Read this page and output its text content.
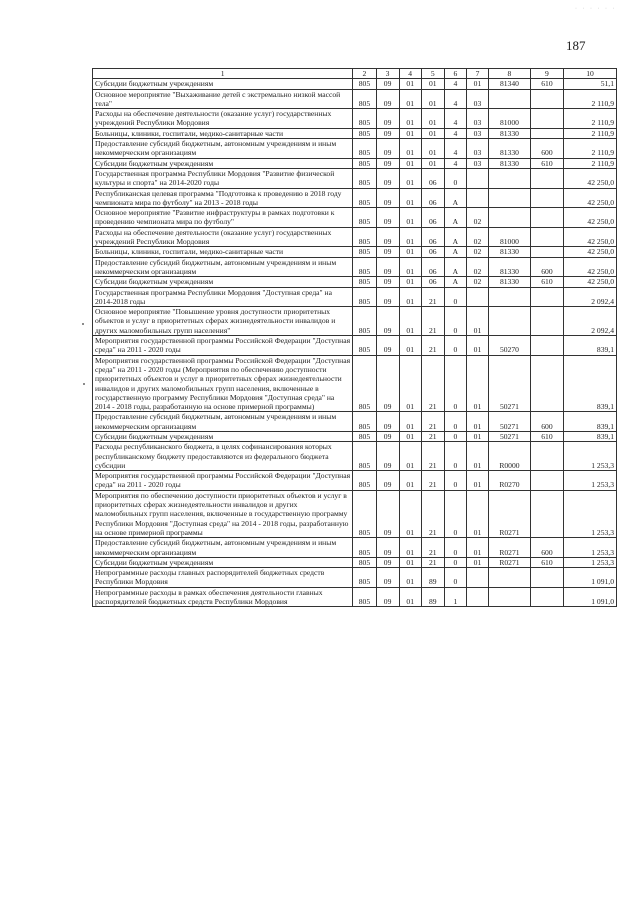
· · · · · ·
187
1	2	3	4	5	6	7	8	9	10
Субсидии бюджетным учреждениям	805	09	01	01	4	01	81340	610	51,1
Основное мероприятие "Выхаживание детей с экстремально низкой массой тела"	805	09	01	01	4	03			2 110,9
Расходы на обеспечение деятельности (оказание услуг) государственных учреждений Республики Мордовия	805	09	01	01	4	03	81000		2 110,9
Больницы, клиники, госпитали, медико-санитарные части	805	09	01	01	4	03	81330		2 110,9
Предоставление субсидий бюджетным, автономным учреждениям и иным некоммерческим организациям	805	09	01	01	4	03	81330	600	2 110,9
Субсидии бюджетным учреждениям	805	09	01	01	4	03	81330	610	2 110,9
Государственная программа Республики Мордовия "Развитие физической культуры и спорта" на 2014-2020 годы	805	09	01	06	0				42 250,0
Республиканская целевая программа "Подготовка к проведению в 2018 году чемпионата мира по футболу" на 2013 - 2018 годы	805	09	01	06	А				42 250,0
Основное мероприятие "Развитие инфраструктуры в рамках подготовки к проведению чемпионата мира по футболу"	805	09	01	06	А	02			42 250,0
Расходы на обеспечение деятельности (оказание услуг) государственных учреждений Республики Мордовия	805	09	01	06	А	02	81000		42 250,0
Больницы, клиники, госпитали, медико-санитарные части	805	09	01	06	А	02	81330		42 250,0
Предоставление субсидий бюджетным, автономным учреждениям и иным некоммерческим организациям	805	09	01	06	А	02	81330	600	42 250,0
Субсидии бюджетным учреждениям	805	09	01	06	А	02	81330	610	42 250,0
Государственная программа Республики Мордовия "Доступная среда" на 2014-2018 годы	805	09	01	21	0				2 092,4
Основное мероприятие "Повышение уровня доступности приоритетных объектов и услуг в приоритетных сферах жизнедеятельности инвалидов и других маломобильных групп населения"	805	09	01	21	0	01			2 092,4
Мероприятия государственной программы Российской Федерации "Доступная среда" на 2011 - 2020 годы	805	09	01	21	0	01	50270		839,1
Мероприятия государственной программы Российской Федерации "Доступная среда" на 2011 - 2020 годы (Мероприятия по обеспечению доступности приоритетных объектов и услуг в приоритетных сферах жизнедеятельности инвалидов и других маломобильных групп населения, включенные в государственную программу Республики Мордовия "Доступная среда" на 2014 - 2018 годы, разработанную на основе примерной программы)	805	09	01	21	0	01	50271		839,1
Предоставление субсидий бюджетным, автономным учреждениям и иным некоммерческим организациям	805	09	01	21	0	01	50271	600	839,1
Субсидии бюджетным учреждениям	805	09	01	21	0	01	50271	610	839,1
Расходы республиканского бюджета, в целях софинансирования которых республиканскому бюджету предоставляются из федерального бюджета субсидии	805	09	01	21	0	01	R0000		1 253,3
Мероприятия государственной программы Российской Федерации "Доступная среда" на 2011 - 2020 годы	805	09	01	21	0	01	R0270		1 253,3
Мероприятия по обеспечению доступности приоритетных объектов и услуг в приоритетных сферах жизнедеятельности инвалидов и других маломобильных групп населения, включенные в государственную программу Республики Мордовия "Доступная среда" на 2014 - 2018 годы, разработанную на основе примерной программы	805	09	01	21	0	01	R0271		1 253,3
Предоставление субсидий бюджетным, автономным учреждениям и иным некоммерческим организациям	805	09	01	21	0	01	R0271	600	1 253,3
Субсидии бюджетным учреждениям	805	09	01	21	0	01	R0271	610	1 253,3
Непрограммные расходы главных распорядителей бюджетных средств Республики Мордовия	805	09	01	89	0				1 091,0
Непрограммные расходы в рамках обеспечения деятельности главных распорядителей бюджетных средств Республики Мордовия	805	09	01	89	1				1 091,0
